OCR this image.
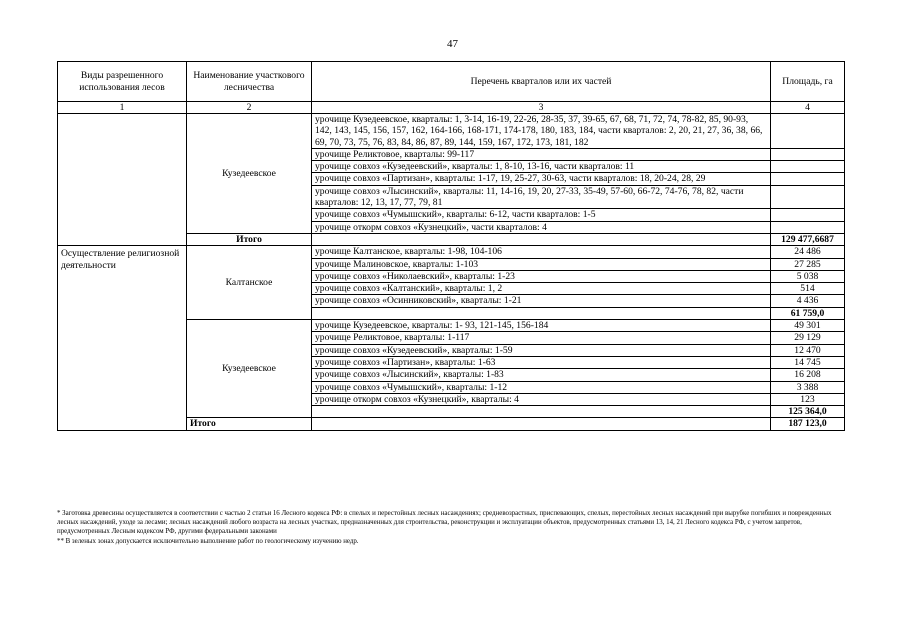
47
Виды разрешенного использования лесов	Наименование участкового лесничества	Перечень кварталов или их частей	Площадь, га
1	2	3	4
	Кузедеевское	урочище Кузедеевское, кварталы: 1, 3-14, 16-19, 22-26, 28-35, 37, 39-65, 67, 68, 71, 72, 74, 78-82, 85, 90-93, 142, 143, 145, 156, 157, 162, 164-166, 168-171, 174-178, 180, 183, 184, части кварталов: 2, 20, 21, 27, 36, 38, 66, 69, 70, 73, 75, 76, 83, 84, 86, 87, 89, 144, 159, 167, 172, 173, 181, 182	
		урочище Реликтовое, кварталы: 99-117	
		урочище совхоз «Кузедеевский», кварталы: 1, 8-10, 13-16, части кварталов: 11	
		урочище совхоз «Партизан», кварталы: 1-17, 19, 25-27, 30-63, части кварталов: 18, 20-24, 28, 29	
		урочище совхоз «Лысинский», кварталы: 11, 14-16, 19, 20, 27-33, 35-49, 57-60, 66-72, 74-76, 78, 82, части кварталов: 12, 13, 17, 77, 79, 81	
		урочище совхоз «Чумышский», кварталы: 6-12, части кварталов: 1-5	
		урочище откорм совхоз «Кузнецкий», части кварталов: 4	
	Итого		129 477,6687
Осуществление религиозной деятельности	Калтанское	урочище Калтанское, кварталы: 1-98, 104-106	24 486
		урочище Малиновское, кварталы: 1-103	27 285
		урочище совхоз «Николаевский», кварталы: 1-23	5 038
		урочище совхоз «Калтанский», кварталы: 1, 2	514
		урочище совхоз «Осинниковский», кварталы: 1-21	4 436
			61 759,0
	Кузедеевское	урочище Кузедеевское, кварталы: 1- 93, 121-145, 156-184	49 301
		урочище Реликтовое, кварталы: 1-117	29 129
		урочище совхоз «Кузедеевский», кварталы: 1-59	12 470
		урочище совхоз «Партизан», кварталы: 1-63	14 745
		урочище совхоз «Лысинский», кварталы: 1-83	16 208
		урочище совхоз «Чумышский», кварталы: 1-12	3 388
		урочище откорм совхоз «Кузнецкий», кварталы: 4	123
			125 364,0
	Итого		187 123,0

* Заготовка древесины осуществляется в соответствии с частью 2 статьи 16 Лесного кодекса РФ: в спелых и перестойных лесных насаждениях; средневозрастных, приспевающих, спелых, перестойных лесных насаждений при вырубке погибших и поврежденных лесных насаждений, уходе за лесами; лесных насаждений любого возраста на лесных участках, предназначенных для строительства, реконструкции и эксплуатации объектов, предусмотренных статьями 13, 14, 21 Лесного кодекса РФ, с учетом запретов, предусмотренных Лесным кодексом РФ, другими федеральными законами

** В зеленых зонах допускается исключительно выполнение работ по геологическому изучению недр.
